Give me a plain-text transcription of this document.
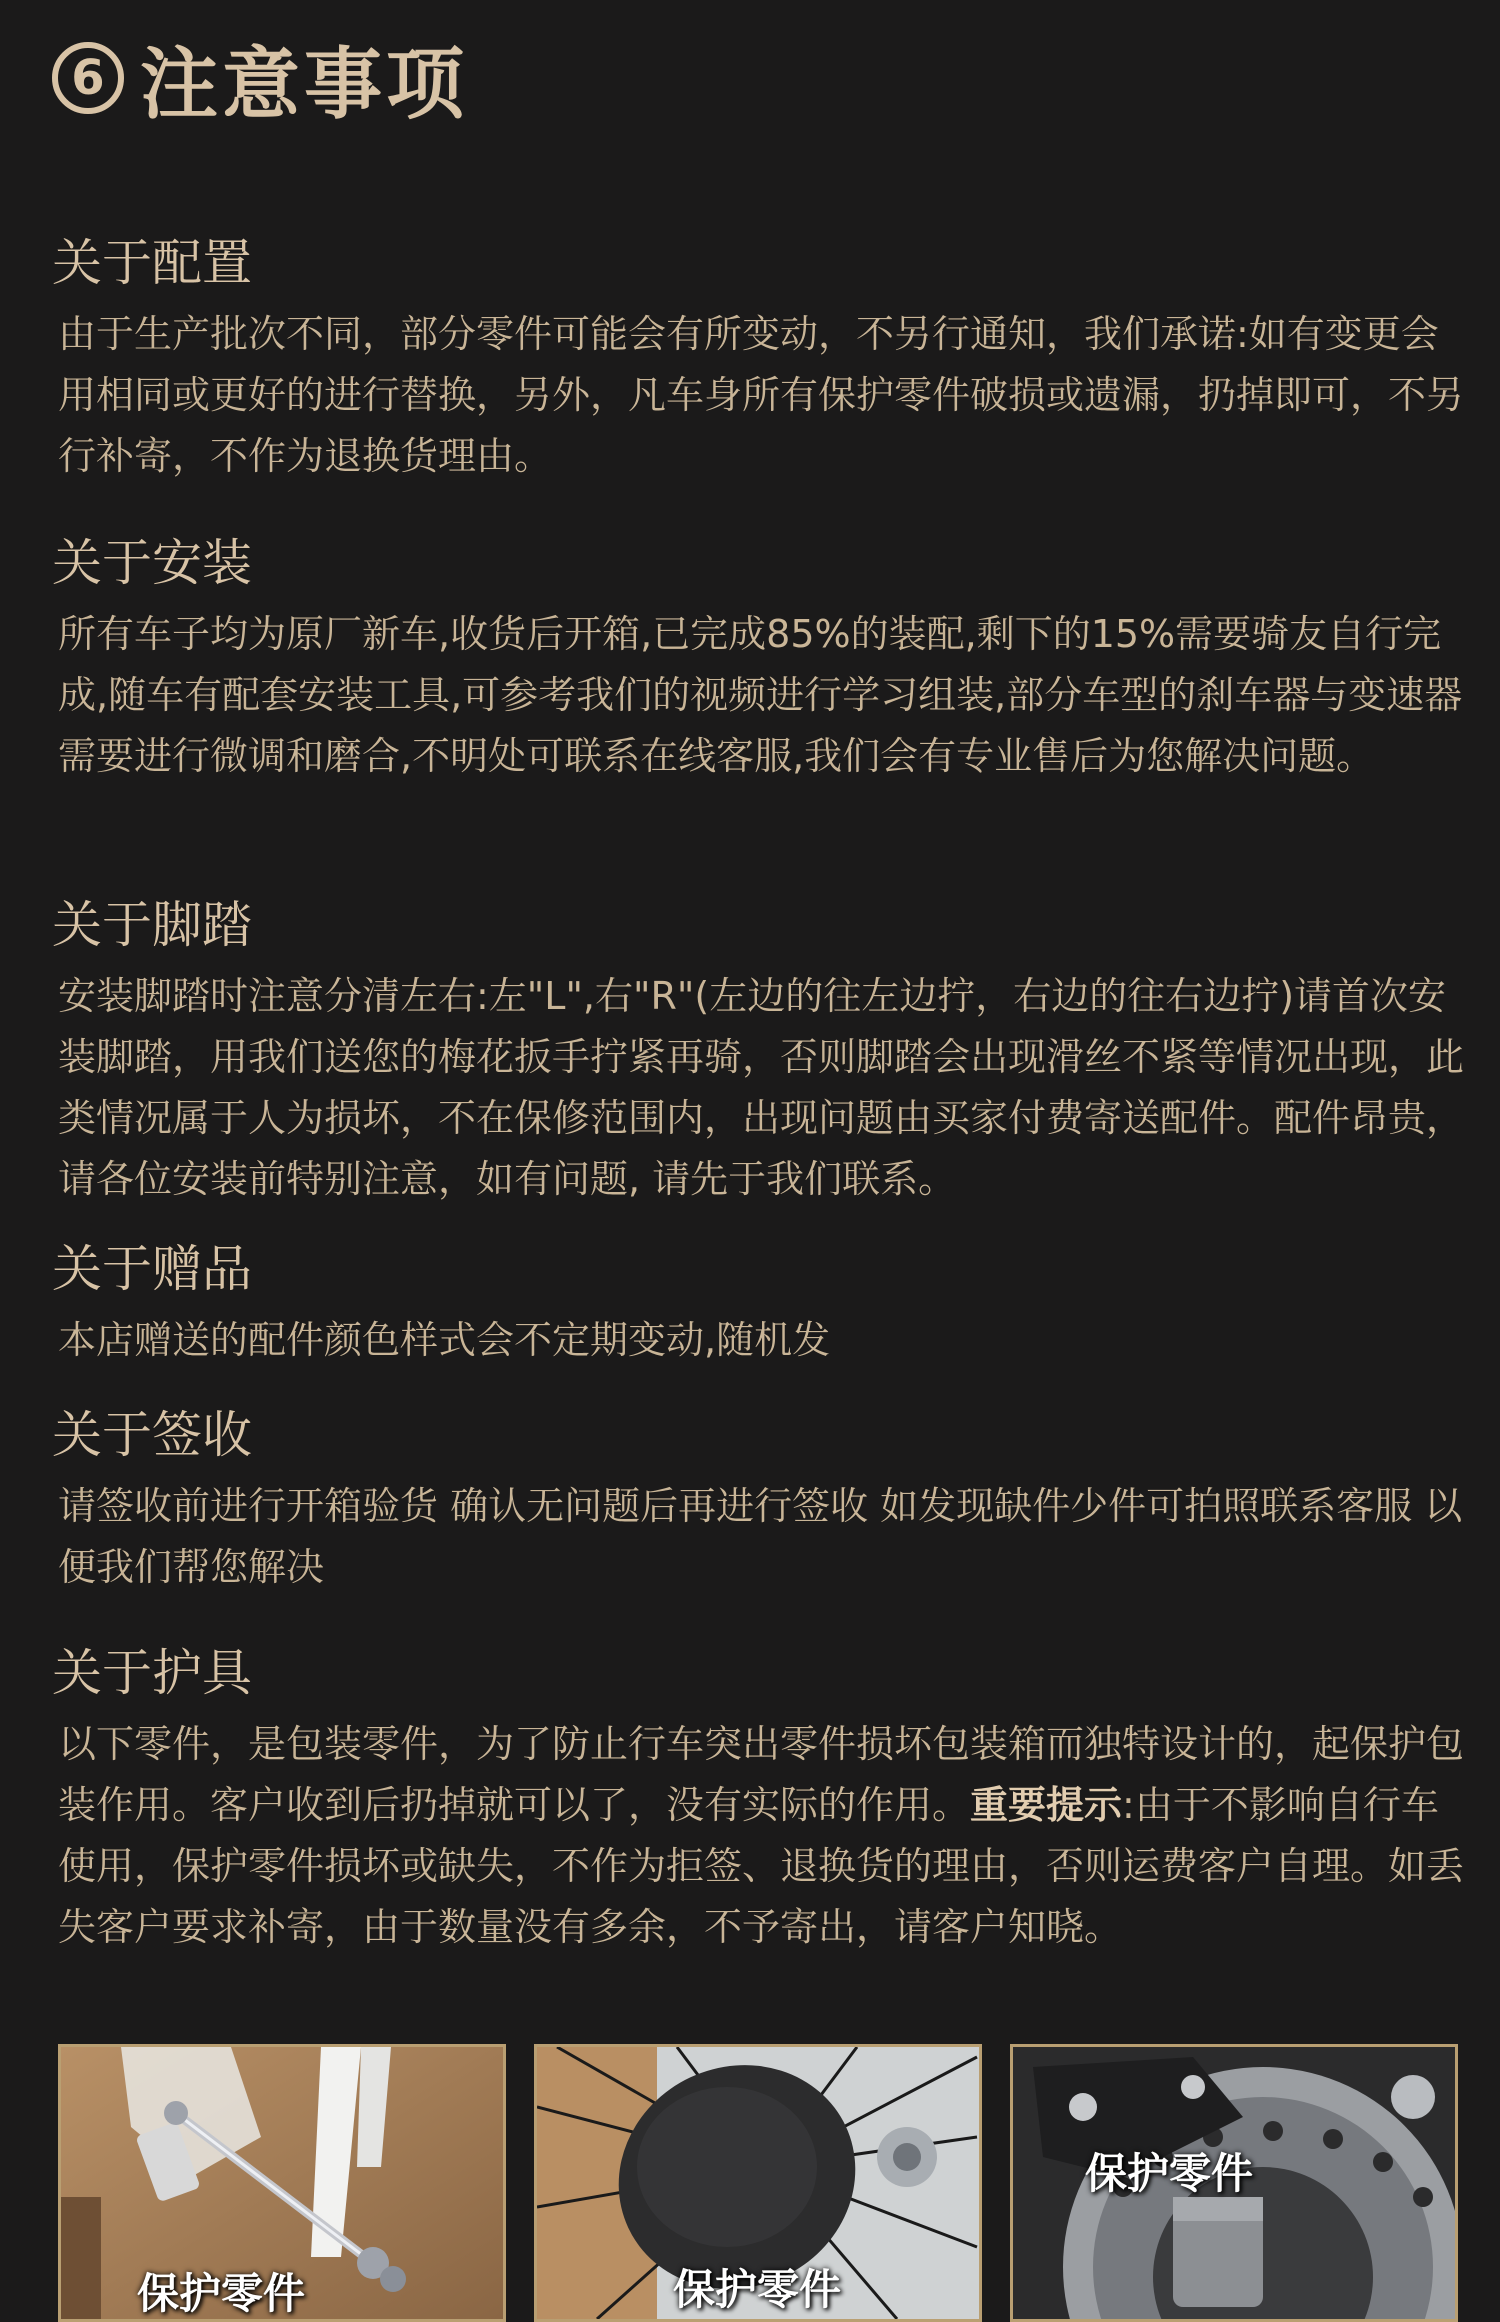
6 注意事项
关于配置
由于生产批次不同，部分零件可能会有所变动，不另行通知，我们承诺:如有变更会用相同或更好的进行替换，另外，凡车身所有保护零件破损或遗漏，扔掉即可，不另行补寄，不作为退换货理由。
关于安装
所有车子均为原厂新车,收货后开箱,已完成85%的装配,剩下的15%需要骑友自行完成,随车有配套安装工具,可参考我们的视频进行学习组装,部分车型的刹车器与变速器需要进行微调和磨合,不明处可联系在线客服,我们会有专业售后为您解决问题。
关于脚踏
安装脚踏时注意分清左右:左"L",右"R"(左边的往左边拧，右边的往右边拧)请首次安装脚踏，用我们送您的梅花扳手拧紧再骑，否则脚踏会出现滑丝不紧等情况出现，此类情况属于人为损坏，不在保修范围内，出现问题由买家付费寄送配件。配件昂贵，请各位安装前特别注意，如有问题, 请先于我们联系。
关于赠品
本店赠送的配件颜色样式会不定期变动,随机发
关于签收
请签收前进行开箱验货 确认无问题后再进行签收 如发现缺件少件可拍照联系客服 以便我们帮您解决
关于护具
以下零件，是包装零件，为了防止行车突出零件损坏包装箱而独特设计的，起保护包装作用。客户收到后扔掉就可以了，没有实际的作用。重要提示:由于不影响自行车使用，保护零件损坏或缺失，不作为拒签、退换货的理由，否则运费客户自理。如丢失客户要求补寄，由于数量没有多余，不予寄出，请客户知晓。
保护零件	保护零件
保护零件
